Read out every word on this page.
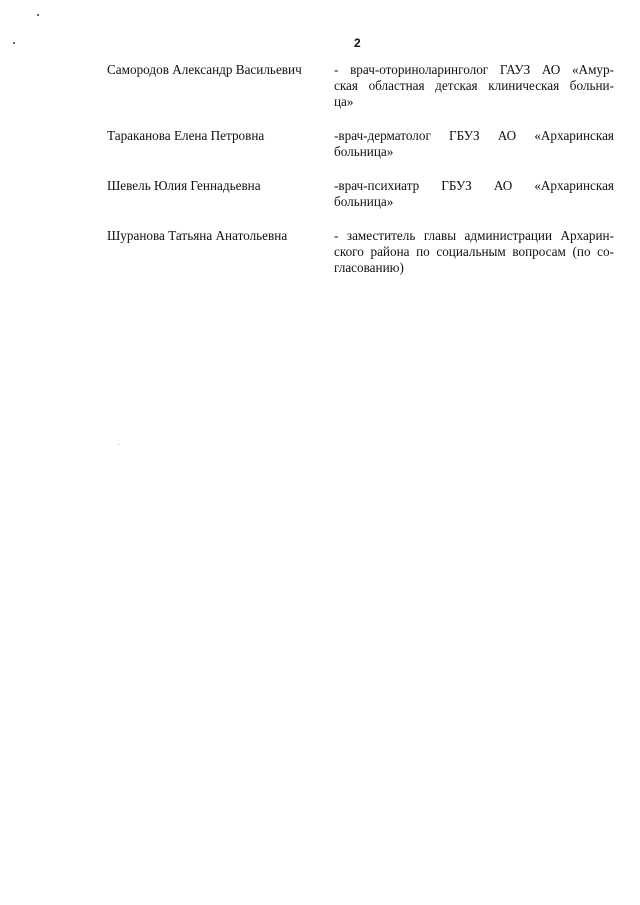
2
Самородов Александр Васильевич	- врач-оториноларинголог ГАУЗ АО «Амур-
ская областная детская клиническая больни-
ца»
Тараканова Елена Петровна	-врач-дерматолог ГБУЗ АО «Архаринская
больница»
Шевель Юлия Геннадьевна	-врач-психиатр ГБУЗ АО «Архаринская
больница»
Шуранова Татьяна Анатольевна	- заместитель главы администрации Архарин-
ского района по социальным вопросам (по со-
гласованию)
